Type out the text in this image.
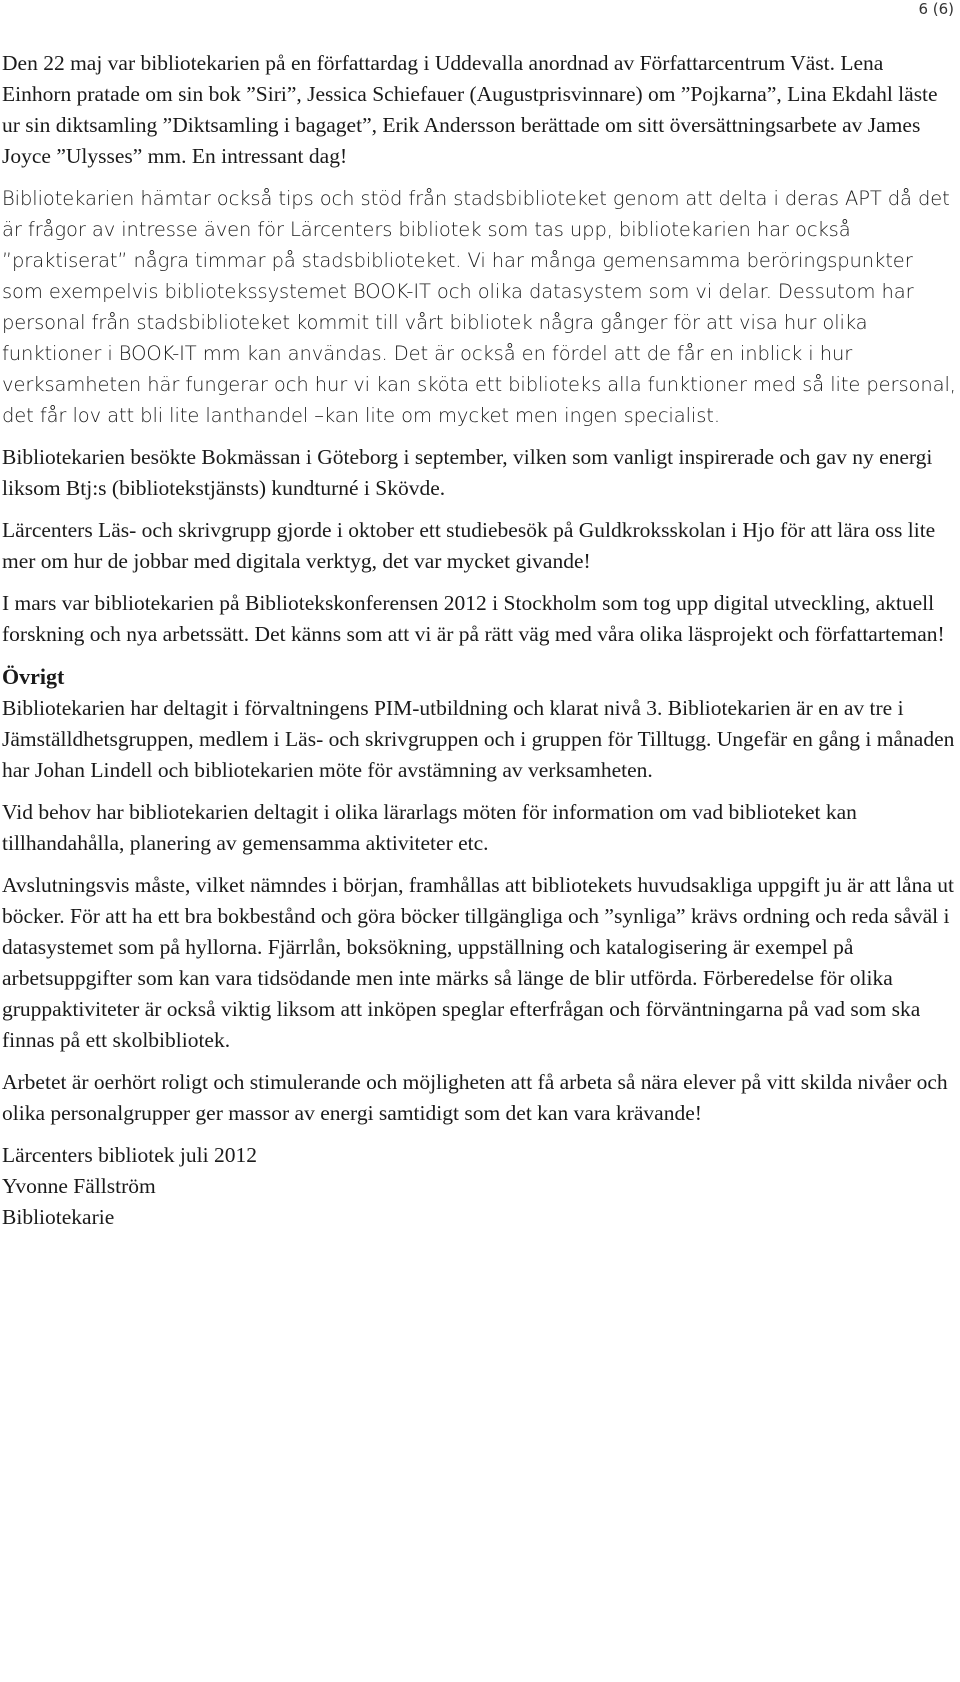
6 (6)

Den 22 maj var bibliotekarien på en författardag i Uddevalla anordnad av Författarcentrum Väst. Lena Einhorn pratade om sin bok ”Siri”, Jessica Schiefauer (Augustprisvinnare) om ”Pojkarna”, Lina Ekdahl läste ur sin diktsamling ”Diktsamling i bagaget”, Erik Andersson berättade om sitt översättningsarbete av James Joyce ”Ulysses” mm. En intressant dag!

Bibliotekarien hämtar också tips och stöd från stadsbiblioteket genom att delta i deras APT då det är frågor av intresse även för Lärcenters bibliotek som tas upp, bibliotekarien har också ”praktiserat” några timmar på stadsbiblioteket. Vi har många gemensamma beröringspunkter som exempelvis bibliotekssystemet BOOK-IT och olika datasystem som vi delar. Dessutom har personal från stadsbiblioteket kommit till vårt bibliotek några gånger för att visa hur olika funktioner i BOOK-IT mm kan användas. Det är också en fördel att de får en inblick i hur verksamheten här fungerar och hur vi kan sköta ett biblioteks alla funktioner med så lite personal, det får lov att bli lite lanthandel –kan lite om mycket men ingen specialist.

Bibliotekarien besökte Bokmässan i Göteborg i september, vilken som vanligt inspirerade och gav ny energi liksom Btj:s (bibliotekstjänsts) kundturné i Skövde.

Lärcenters Läs- och skrivgrupp gjorde i oktober ett studiebesök på Guldkroksskolan i Hjo för att lära oss lite mer om hur de jobbar med digitala verktyg, det var mycket givande!

I mars var bibliotekarien på Bibliotekskonferensen 2012 i Stockholm som tog upp digital utveckling, aktuell forskning och nya arbetssätt. Det känns som att vi är på rätt väg med våra olika läsprojekt och författarteman!

Övrigt

Bibliotekarien har deltagit i förvaltningens PIM-utbildning och klarat nivå 3. Bibliotekarien är en av tre i Jämställdhetsgruppen, medlem i Läs- och skrivgruppen och i gruppen för Tilltugg. Ungefär en gång i månaden har Johan Lindell och bibliotekarien möte för avstämning av verksamheten.

Vid behov har bibliotekarien deltagit i olika lärarlags möten för information om vad biblioteket kan tillhandahålla, planering av gemensamma aktiviteter etc.

Avslutningsvis måste, vilket nämndes i början, framhållas att bibliotekets huvudsakliga uppgift ju är att låna ut böcker. För att ha ett bra bokbestånd och göra böcker tillgängliga och ”synliga” krävs ordning och reda såväl i datasystemet som på hyllorna. Fjärrlån, boksökning, uppställning och katalogisering är exempel på arbetsuppgifter som kan vara tidsödande men inte märks så länge de blir utförda. Förberedelse för olika gruppaktiviteter är också viktig liksom att inköpen speglar efterfrågan och förväntningarna på vad som ska finnas på ett skolbibliotek.

Arbetet är oerhört roligt och stimulerande och möjligheten att få arbeta så nära elever på vitt skilda nivåer och olika personalgrupper ger massor av energi samtidigt som det kan vara krävande!

Lärcenters bibliotek juli 2012
Yvonne Fällström
Bibliotekarie
